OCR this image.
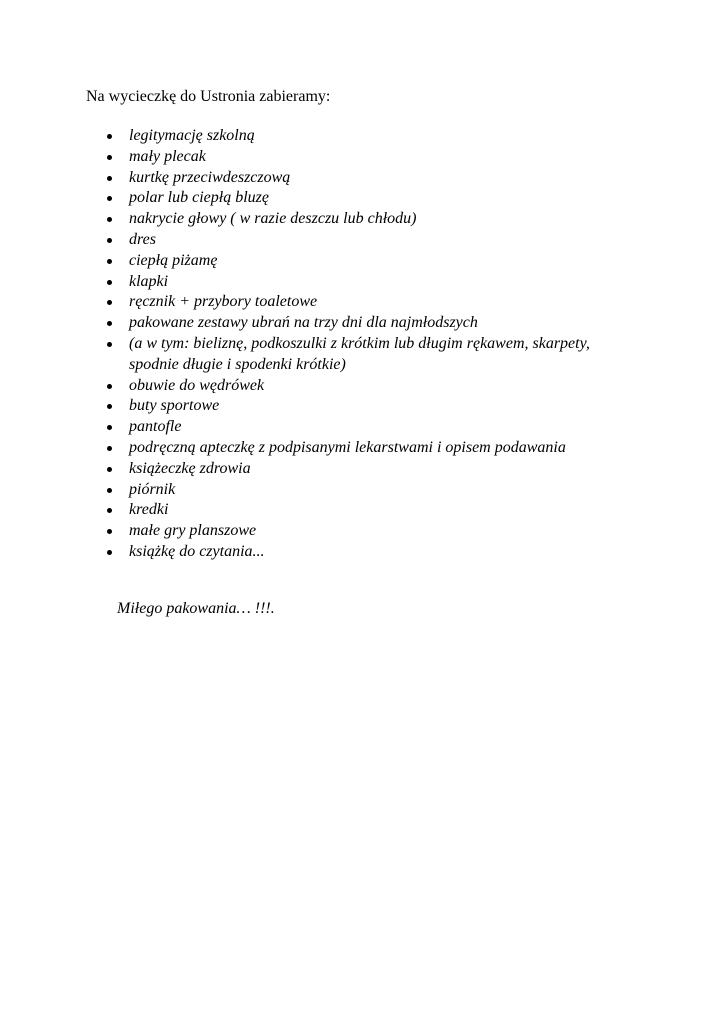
Na wycieczkę do Ustronia zabieramy:

legitymację szkolną
mały plecak
kurtkę przeciwdeszczową
polar lub ciepłą bluzę
nakrycie głowy ( w razie deszczu lub chłodu)
dres
ciepłą piżamę
klapki
ręcznik + przybory toaletowe
pakowane zestawy ubrań na trzy dni dla najmłodszych
(a w tym: bieliznę, podkoszulki z krótkim lub długim rękawem, skarpety, spodnie długie i spodenki krótkie)
obuwie do wędrówek
buty sportowe
pantofle
podręczną apteczkę z podpisanymi lekarstwami i opisem podawania
książeczkę zdrowia
piórnik
kredki
małe gry planszowe
książkę do czytania...

Miłego pakowania… !!!.
